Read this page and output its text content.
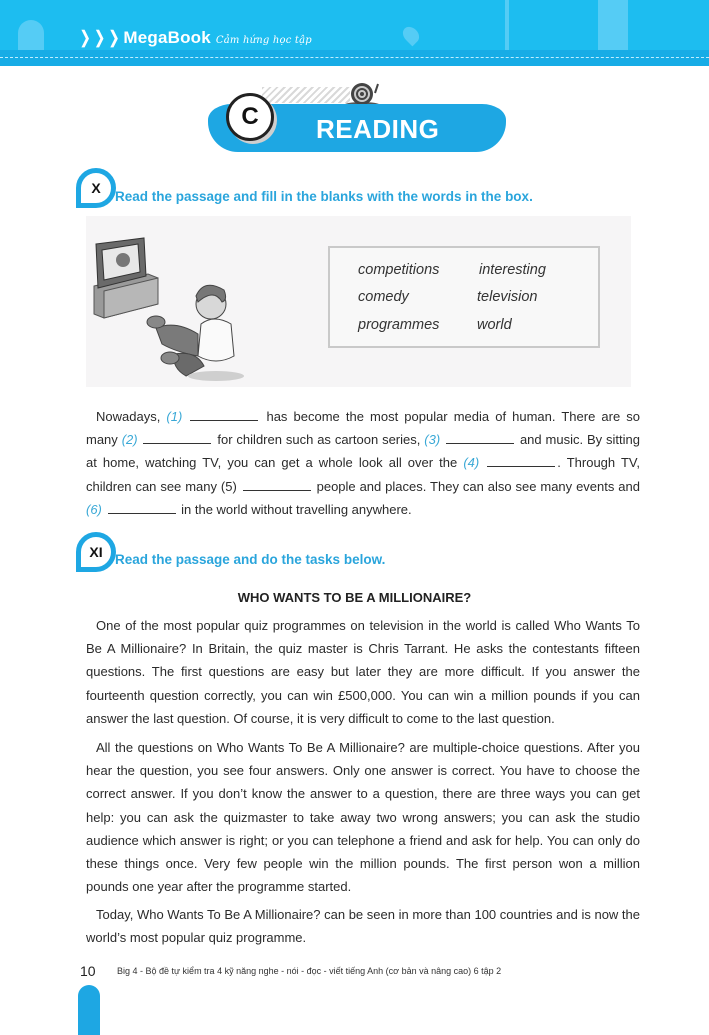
❭❭❭ MegaBook Cảm hứng học tập
READING
C
X
Read the passage and fill in the blanks with the words in the box.
competitions	interesting
comedy	television
programmes	world
Nowadays, (1)	has become the most popular media of human. There are so many (2)	for children such as cartoon series, (3)	and music. By sitting at home, watching TV, you can get a whole look all over the (4)	. Through TV, children can see many (5)	people and places. They can also see many events and (6)	in the world without travelling anywhere.
XI Read the passage and do the tasks below.
WHO WANTS TO BE A MILLIONAIRE?
One of the most popular quiz programmes on television in the world is called Who Wants To Be A Millionaire? In Britain, the quiz master is Chris Tarrant. He asks the contestants fifteen questions. The first questions are easy but later they are more difficult. If you answer the fourteenth question correctly, you can win £500,000. You can win a million pounds if you can answer the last question. Of course, it is very difficult to come to the last question.
All the questions on Who Wants To Be A Millionaire? are multiple-choice questions. After you hear the question, you see four answers. Only one answer is correct. You have to choose the correct answer. If you don’t know the answer to a question, there are three ways you can get help: you can ask the quizmaster to take away two wrong answers; you can ask the studio audience which answer is right; or you can telephone a friend and ask for help. You can only do these things once. Very few people win the million pounds. The first person won a million pounds one year after the programme started.
Today, Who Wants To Be A Millionaire? can be seen in more than 100 countries and is now the world’s most popular quiz programme.
10 Big 4 - Bộ đề tự kiểm tra 4 kỹ năng nghe - nói - đọc - viết tiếng Anh (cơ bản và nâng cao) 6 tập 2
